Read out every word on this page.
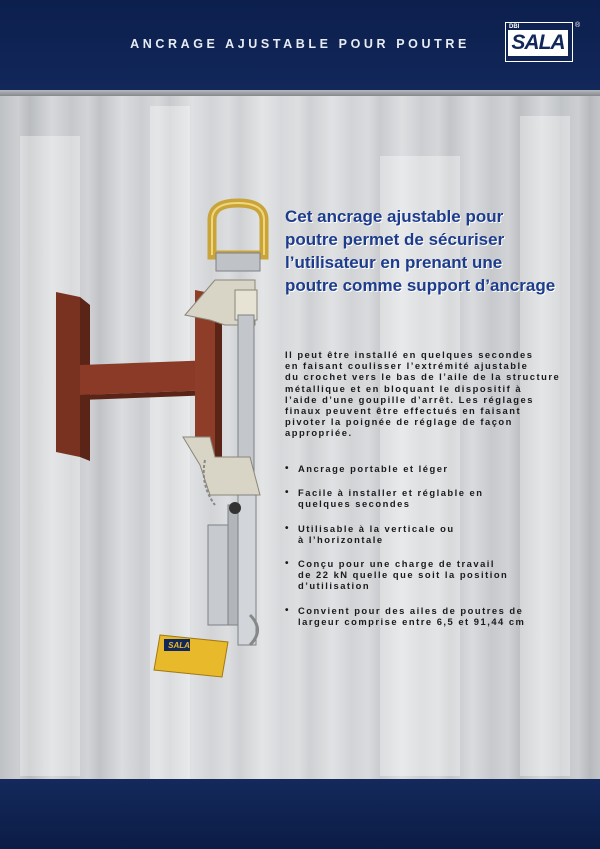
ANCRAGE AJUSTABLE POUR POUTRE
DBI
SALA
®
SALA
Cet ancrage ajustable pour
poutre permet de sécuriser
l’utilisateur en prenant une
poutre comme support d’ancrage
Il peut être installé en quelques secondes
en faisant coulisser l’extrémité ajustable
du crochet vers le bas de l’aile de la structure
métallique et en bloquant le dispositif à
l’aide d’une goupille d’arrêt. Les réglages
finaux peuvent être effectués en faisant
pivoter la poignée de réglage de façon
appropriée.
• Ancrage portable et léger
• Facile à installer et réglable en
quelques secondes
• Utilisable à la verticale ou
à l’horizontale
• Conçu pour une charge de travail
de 22 kN quelle que soit la position
d’utilisation
• Convient pour des ailes de poutres de
largeur comprise entre 6,5 et 91,44 cm
